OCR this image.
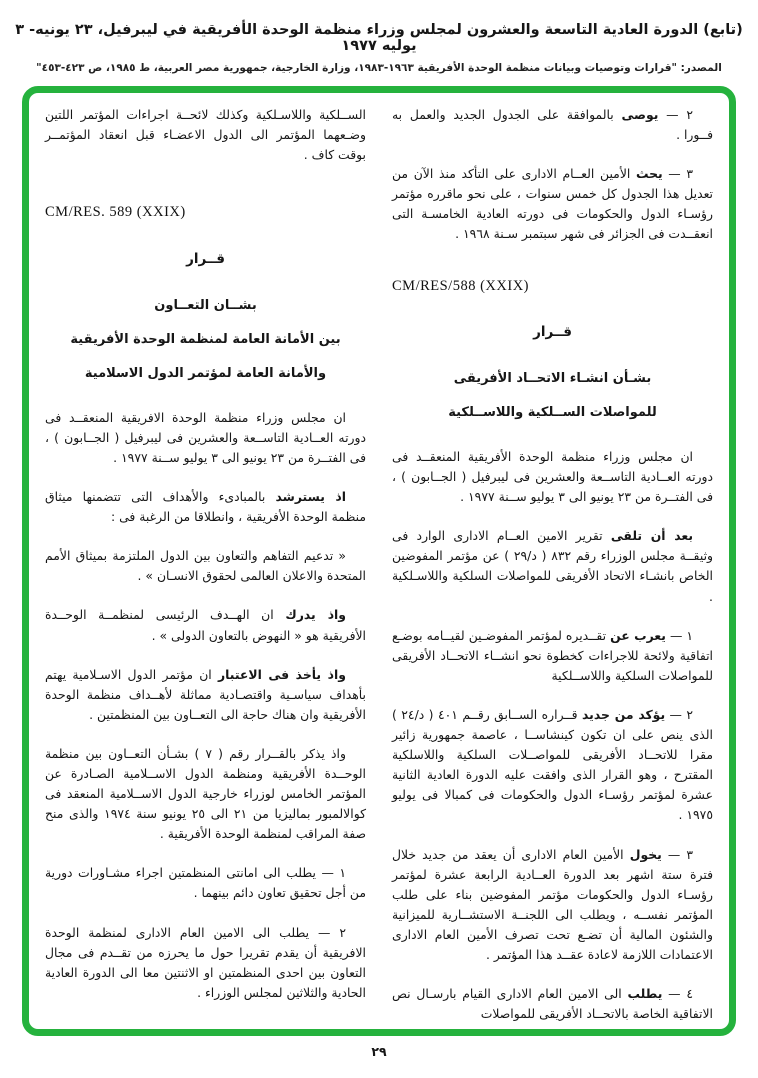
(تابع) الدورة العادية التاسعة والعشرون لمجلس وزراء منظمة الوحدة الأفريقية في ليبرفيل، ٢٣ يونيه- ٣ يوليه ١٩٧٧
المصدر: "قرارات وتوصيات وبيانات منظمة الوحدة الأفريقية ١٩٦٣-١٩٨٣، وزارة الخارجية، جمهورية مصر العربية، ط ١٩٨٥، ص ٤٢٣-٤٥٣"

٢ — يوصى بالموافقة على الجدول الجديد والعمل به فــورا .

٣ — يحث الأمين العــام الادارى على التأكد منذ الآن من تعديل هذا الجدول كل خمس سنوات ، على نحو ماقرره مؤتمر رؤسـاء الدول والحكومات فى دورته العادية الخامسـة التى انعقــدت فى الجزائر فى شهر سبتمبر سـنة ١٩٦٨ .

CM/RES/588 (XXIX)
قــرار
بشـأن انشـاء الاتحــاد الأفريقى
للمواصلات الســلكية واللاســلكية

ان مجلس وزراء منظمة الوحدة الأفريقية المنعقــد فى دورته العــادية التاســعة والعشرين فى ليبرفيل ( الجــابون ) ، فى الفتــرة من ٢٣ يونيو الى ٣ يوليو ســنة ١٩٧٧ .

بعد أن تلقى تقرير الامين العــام الادارى الوارد فى وثيقــة مجلس الوزراء رقم ٨٣٢ ( د/٢٩ ) عن مؤتمر المفوضين الخاص بانشـاء الاتحاد الأفريقى للمواصلات السلكية واللاسـلكية .

١ — يعرب عن تقــديره لمؤتمر المفوضـين لقيــامه بوضـع اتفاقية ولائحة للاجراءات كخطوة نحو انشــاء الاتحــاد الأفريقى للمواصلات السلكية واللاســلكية

٢ — يؤكد من جديد قــراره الســابق رقــم ٤٠١ ( د/٢٤ ) الذى ينص على ان تكون كينشاســا ، عاصمة جمهورية زائير مقرا للاتحــاد الأفريقى للمواصــلات السلكية واللاسلكية المقترح ، وهو القرار الذى وافقت عليه الدورة العادية الثانية عشرة لمؤتمر رؤسـاء الدول والحكومات فى كمبالا فى يوليو ١٩٧٥ .

٣ — يخول الأمين العام الادارى أن يعقد من جديد خلال فترة ستة اشهر بعد الدورة العــادية الرابعة عشرة لمؤتمر رؤسـاء الدول والحكومات مؤتمر المفوضين بناء على طلب المؤتمر نفســه ، ويطلب الى اللجنــة الاستشــارية للميزانية والشئون المالية أن تضـع تحت تصرف الأمين العام الادارى الاعتمادات اللازمة لاعادة عقــد هذا المؤتمر .

٤ — يطلب الى الامين العام الادارى القيام بارسـال نص الاتفاقية الخاصة بالاتحــاد الأفريقى للمواصلات

الســلكية واللاسـلكية وكذلك لائحــة اجراءات المؤتمر اللتين وضـعهما المؤتمر الى الدول الاعضـاء قبل انعقاد المؤتمــر بوقت كاف .

CM/RES. 589 (XXIX)
قــرار
بشــان التعــاون
بين الأمانة العامة لمنظمة الوحدة الأفريقية
والأمانة العامة لمؤتمر الدول الاسلامية

ان مجلس وزراء منظمة الوحدة الافريقية المنعقــد فى دورته العــادية التاســعة والعشرين فى ليبرفيل ( الجــابون ) ، فى الفتــرة من ٢٣ يونيو الى ٣ يوليو ســنة ١٩٧٧ .

اذ يسترشد بالمبادىء والأهداف التى تتضمنها ميثاق منظمة الوحدة الأفريقية ، وانطلاقا من الرغبة فى :

« تدعيم التفاهم والتعاون بين الدول الملتزمة بميثاق الأمم المتحدة والاعلان العالمى لحقوق الانسـان » .

واذ يدرك ان الهــدف الرئيسى لمنظمــة الوحــدة الأفريقية هو « النهوض بالتعاون الدولى » .

واذ يأخذ فى الاعتبار ان مؤتمر الدول الاسـلامية يهتم بأهداف سياسـية واقتصـادية مماثلة لأهــداف منظمة الوحدة الأفريقية وان هناك حاجة الى التعــاون بين المنظمتين .

واذ يذكر بالقــرار رقم ( ٧ ) بشـأن التعــاون بين منظمة الوحــدة الأفريقية ومنظمة الدول الاســلامية الصـادرة عن المؤتمر الخامس لوزراء خارجية الدول الاســلامية المنعقد فى كوالالمبور بماليزيا من ٢١ الى ٢٥ يونيو سنة ١٩٧٤ والذى منح صفة المراقب لمنظمة الوحدة الأفريقية .

١ — يطلب الى امانتى المنظمتين اجراء مشـاورات دورية من أجل تحقيق تعاون دائم بينهما .

٢ — يطلب الى الامين العام الادارى لمنظمة الوحدة الافريقية أن يقدم تقريرا حول ما يحرزه من تقــدم فى مجال التعاون بين احدى المنظمتين او الاثنتين معا الى الدورة العادية الحادية والثلاثين لمجلس الوزراء .

٢٩
